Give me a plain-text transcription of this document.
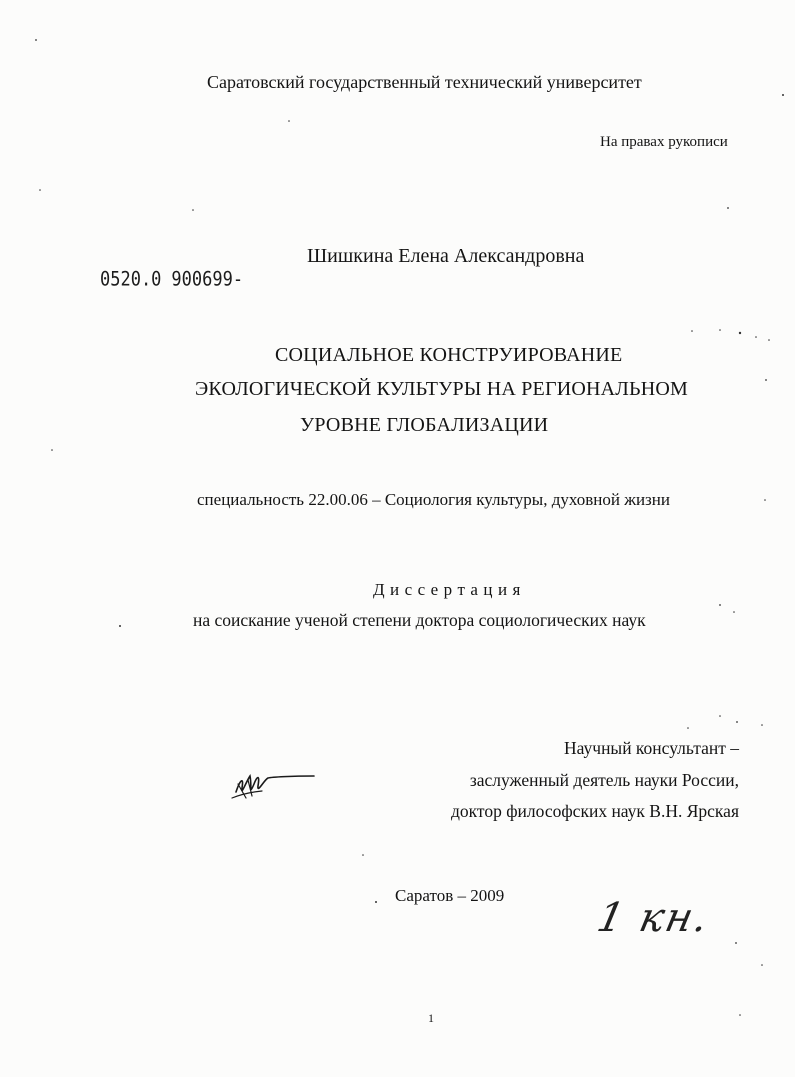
Саратовский государственный технический университет
На правах рукописи
0520.0 900699-
Шишкина Елена Александровна
СОЦИАЛЬНОЕ КОНСТРУИРОВАНИЕ
ЭКОЛОГИЧЕСКОЙ КУЛЬТУРЫ НА РЕГИОНАЛЬНОМ
УРОВНЕ ГЛОБАЛИЗАЦИИ
специальность 22.00.06 – Социология культуры, духовной жизни
Д и с с е р т а ц и я
на соискание ученой степени доктора социологических наук
Научный консультант –
заслуженный деятель науки России,
доктор философских наук В.Н. Ярская
Саратов – 2009 1 кн.
1
